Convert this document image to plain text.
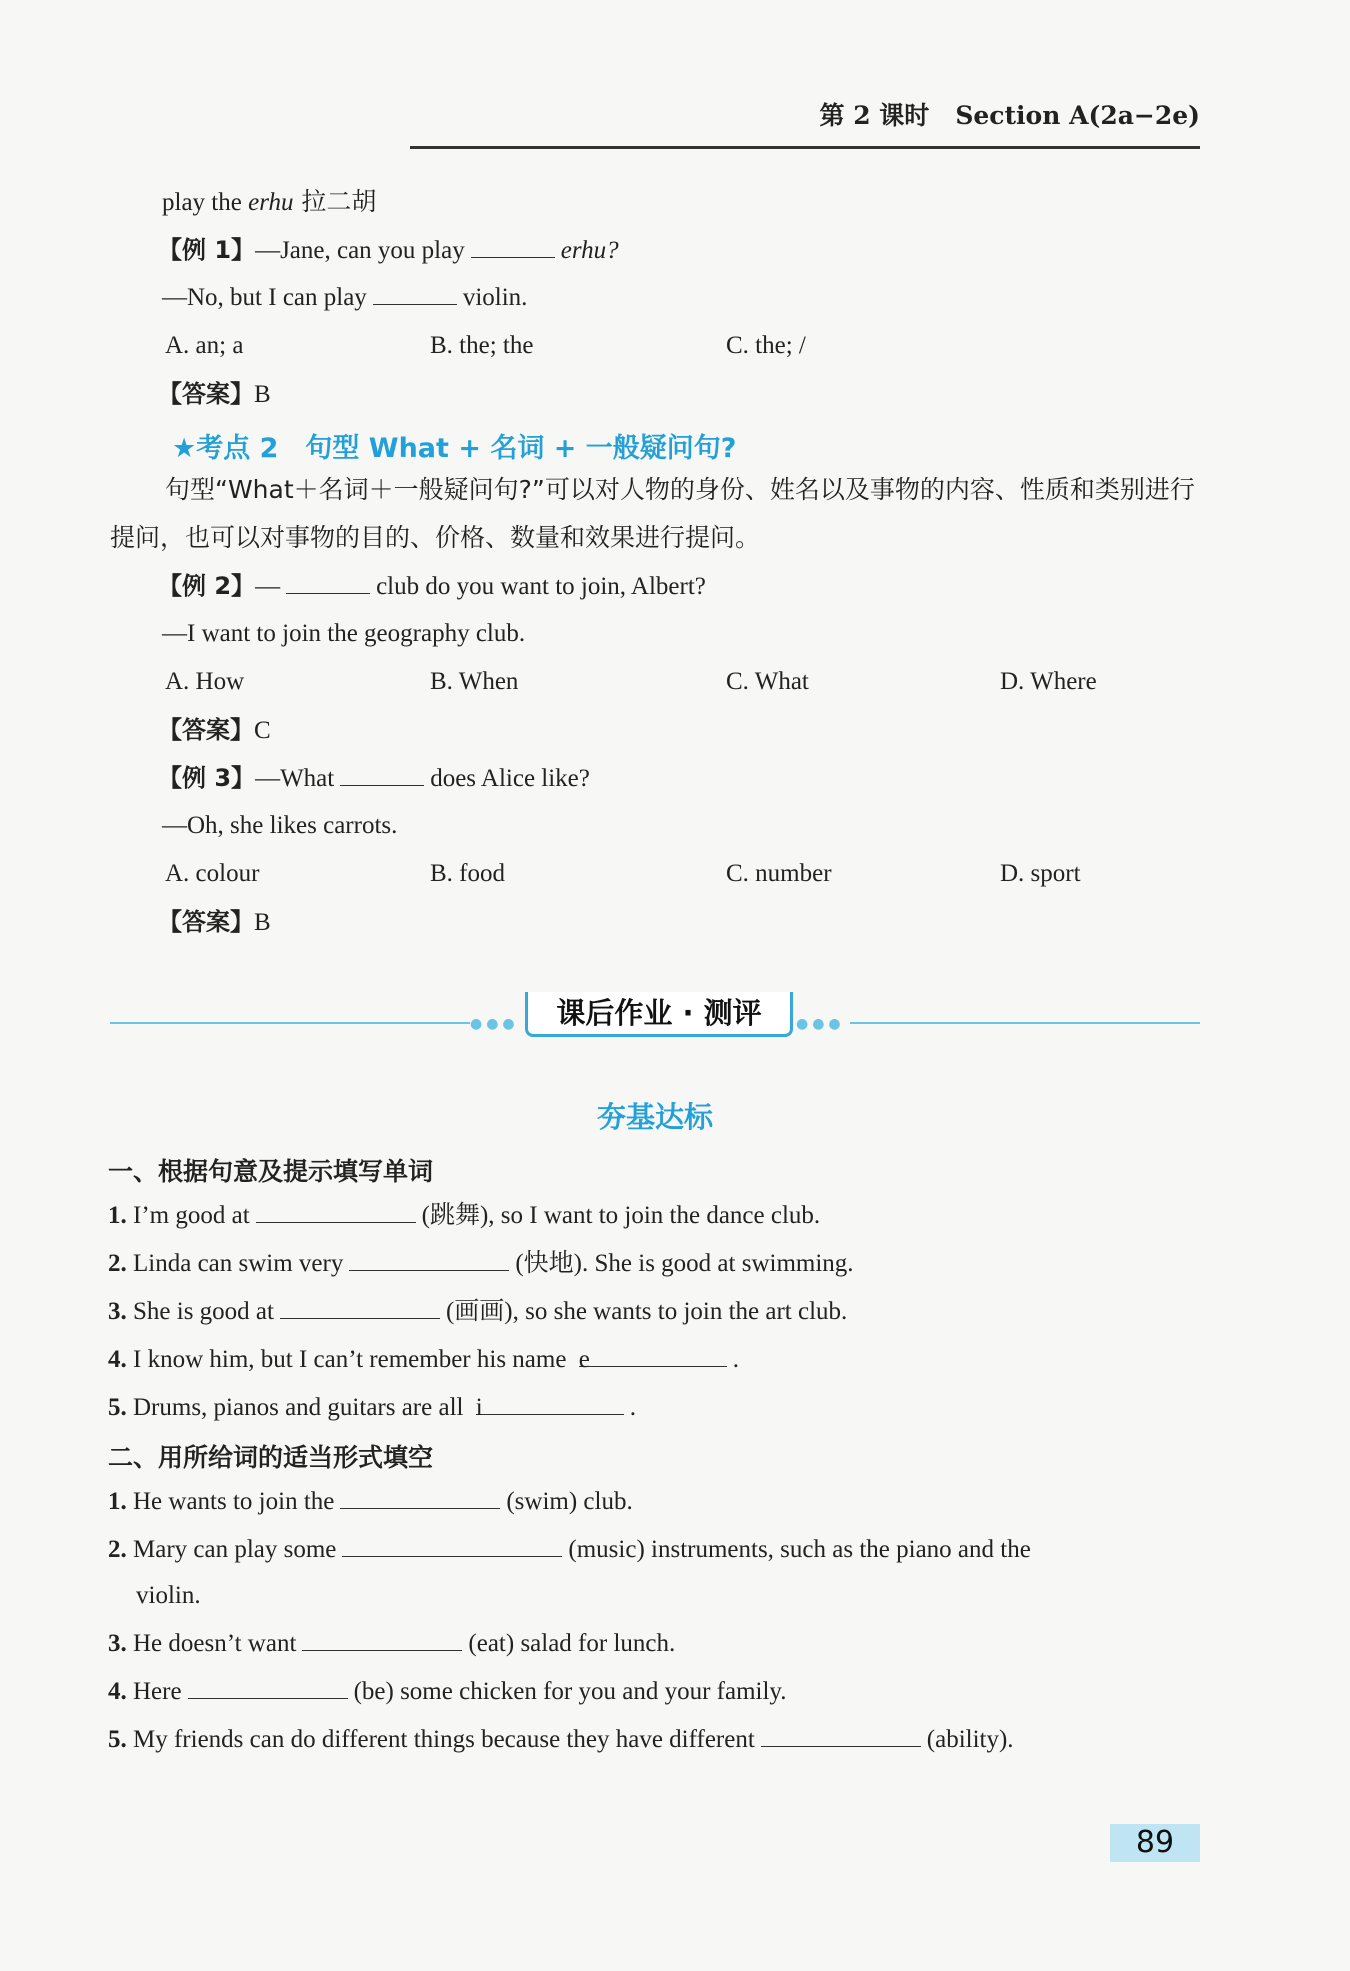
第 2 课时 Section A(2a−2e)
play the erhu 拉二胡
【例 1】—Jane, can you play	erhu?
—No, but I can play	violin.
A. an; a	B. the; the	C. the; /
【答案】B
★考点 2　句型 What + 名词 + 一般疑问句?
句型“What＋名词＋一般疑问句?”可以对人物的身份、姓名以及事物的内容、性质和类别进行提问，也可以对事物的目的、价格、数量和效果进行提问。
【例 2】—	club do you want to join, Albert?
—I want to join the geography club.
A. How	B. When	C. What	D. Where
【答案】C
【例 3】—What	does Alice like?
—Oh, she likes carrots.
A. colour	B. food	C. number	D. sport
【答案】B
●●●	课后作业 · 测评	●●●
夯基达标
一、根据句意及提示填写单词
1. I’m good at	(跳舞), so I want to join the dance club.
2. Linda can swim very	(快地). She is good at swimming.
3. She is good at	(画画), so she wants to join the art club.
4. I know him, but I can’t remember his name e	.
5. Drums, pianos and guitars are all i	.
二、用所给词的适当形式填空
1. He wants to join the	(swim) club.
2. Mary can play some	(music) instruments, such as the piano and the
violin.
3. He doesn’t want	(eat) salad for lunch.
4. Here	(be) some chicken for you and your family.
5. My friends can do different things because they have different	(ability).
89
